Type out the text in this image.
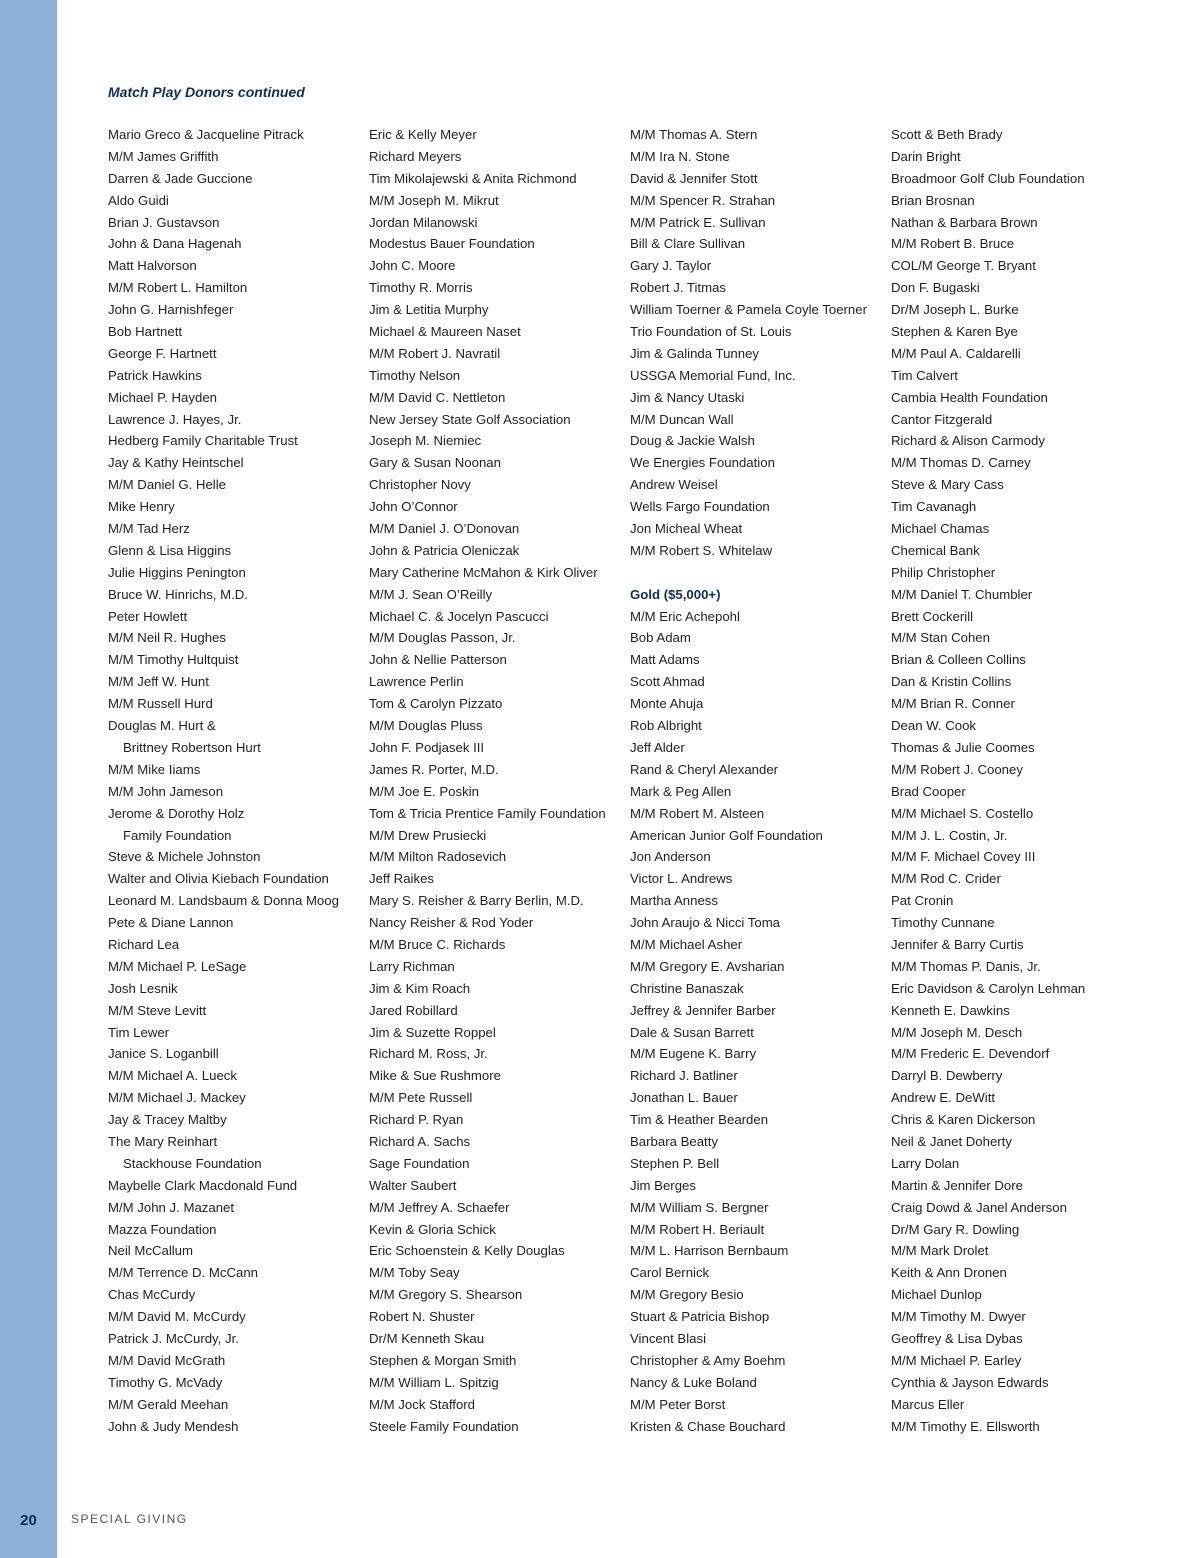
20	SPECIAL GIVING
Match Play Donors continued
Mario Greco & Jacqueline Pitrack
M/M James Griffith
Darren & Jade Guccione
Aldo Guidi
Brian J. Gustavson
John & Dana Hagenah
Matt Halvorson
M/M Robert L. Hamilton
John G. Harnishfeger
Bob Hartnett
George F. Hartnett
Patrick Hawkins
Michael P. Hayden
Lawrence J. Hayes, Jr.
Hedberg Family Charitable Trust
Jay & Kathy Heintschel
M/M Daniel G. Helle
Mike Henry
M/M Tad Herz
Glenn & Lisa Higgins
Julie Higgins Penington
Bruce W. Hinrichs, M.D.
Peter Howlett
M/M Neil R. Hughes
M/M Timothy Hultquist
M/M Jeff W. Hunt
M/M Russell Hurd
Douglas M. Hurt &
Brittney Robertson Hurt
M/M Mike Iiams
M/M John Jameson
Jerome & Dorothy Holz
Family Foundation
Steve & Michele Johnston
Walter and Olivia Kiebach Foundation
Leonard M. Landsbaum & Donna Moog
Pete & Diane Lannon
Richard Lea
M/M Michael P. LeSage
Josh Lesnik
M/M Steve Levitt
Tim Lewer
Janice S. Loganbill
M/M Michael A. Lueck
M/M Michael J. Mackey
Jay & Tracey Maltby
The Mary Reinhart
Stackhouse Foundation
Maybelle Clark Macdonald Fund
M/M John J. Mazanet
Mazza Foundation
Neil McCallum
M/M Terrence D. McCann
Chas McCurdy
M/M David M. McCurdy
Patrick J. McCurdy, Jr.
M/M David McGrath
Timothy G. McVady
M/M Gerald Meehan
John & Judy Mendesh
Eric & Kelly Meyer
Richard Meyers
Tim Mikolajewski & Anita Richmond
M/M Joseph M. Mikrut
Jordan Milanowski
Modestus Bauer Foundation
John C. Moore
Timothy R. Morris
Jim & Letitia Murphy
Michael & Maureen Naset
M/M Robert J. Navratil
Timothy Nelson
M/M David C. Nettleton
New Jersey State Golf Association
Joseph M. Niemiec
Gary & Susan Noonan
Christopher Novy
John O’Connor
M/M Daniel J. O’Donovan
John & Patricia Oleniczak
Mary Catherine McMahon & Kirk Oliver
M/M J. Sean O’Reilly
Michael C. & Jocelyn Pascucci
M/M Douglas Passon, Jr.
John & Nellie Patterson
Lawrence Perlin
Tom & Carolyn Pizzato
M/M Douglas Pluss
John F. Podjasek III
James R. Porter, M.D.
M/M Joe E. Poskin
Tom & Tricia Prentice Family Foundation
M/M Drew Prusiecki
M/M Milton Radosevich
Jeff Raikes
Mary S. Reisher & Barry Berlin, M.D.
Nancy Reisher & Rod Yoder
M/M Bruce C. Richards
Larry Richman
Jim & Kim Roach
Jared Robillard
Jim & Suzette Roppel
Richard M. Ross, Jr.
Mike & Sue Rushmore
M/M Pete Russell
Richard P. Ryan
Richard A. Sachs
Sage Foundation
Walter Saubert
M/M Jeffrey A. Schaefer
Kevin & Gloria Schick
Eric Schoenstein & Kelly Douglas
M/M Toby Seay
M/M Gregory S. Shearson
Robert N. Shuster
Dr/M Kenneth Skau
Stephen & Morgan Smith
M/M William L. Spitzig
M/M Jock Stafford
Steele Family Foundation
M/M Thomas A. Stern
M/M Ira N. Stone
David & Jennifer Stott
M/M Spencer R. Strahan
M/M Patrick E. Sullivan
Bill & Clare Sullivan
Gary J. Taylor
Robert J. Titmas
William Toerner & Pamela Coyle Toerner
Trio Foundation of St. Louis
Jim & Galinda Tunney
USSGA Memorial Fund, Inc.
Jim & Nancy Utaski
M/M Duncan Wall
Doug & Jackie Walsh
We Energies Foundation
Andrew Weisel
Wells Fargo Foundation
Jon Micheal Wheat
M/M Robert S. Whitelaw
Gold ($5,000+)
M/M Eric Achepohl
Bob Adam
Matt Adams
Scott Ahmad
Monte Ahuja
Rob Albright
Jeff Alder
Rand & Cheryl Alexander
Mark & Peg Allen
M/M Robert M. Alsteen
American Junior Golf Foundation
Jon Anderson
Victor L. Andrews
Martha Anness
John Araujo & Nicci Toma
M/M Michael Asher
M/M Gregory E. Avsharian
Christine Banaszak
Jeffrey & Jennifer Barber
Dale & Susan Barrett
M/M Eugene K. Barry
Richard J. Batliner
Jonathan L. Bauer
Tim & Heather Bearden
Barbara Beatty
Stephen P. Bell
Jim Berges
M/M William S. Bergner
M/M Robert H. Beriault
M/M L. Harrison Bernbaum
Carol Bernick
M/M Gregory Besio
Stuart & Patricia Bishop
Vincent Blasi
Christopher & Amy Boehm
Nancy & Luke Boland
M/M Peter Borst
Kristen & Chase Bouchard
Scott & Beth Brady
Darin Bright
Broadmoor Golf Club Foundation
Brian Brosnan
Nathan & Barbara Brown
M/M Robert B. Bruce
COL/M George T. Bryant
Don F. Bugaski
Dr/M Joseph L. Burke
Stephen & Karen Bye
M/M Paul A. Caldarelli
Tim Calvert
Cambia Health Foundation
Cantor Fitzgerald
Richard & Alison Carmody
M/M Thomas D. Carney
Steve & Mary Cass
Tim Cavanagh
Michael Chamas
Chemical Bank
Philip Christopher
M/M Daniel T. Chumbler
Brett Cockerill
M/M Stan Cohen
Brian & Colleen Collins
Dan & Kristin Collins
M/M Brian R. Conner
Dean W. Cook
Thomas & Julie Coomes
M/M Robert J. Cooney
Brad Cooper
M/M Michael S. Costello
M/M J. L. Costin, Jr.
M/M F. Michael Covey III
M/M Rod C. Crider
Pat Cronin
Timothy Cunnane
Jennifer & Barry Curtis
M/M Thomas P. Danis, Jr.
Eric Davidson & Carolyn Lehman
Kenneth E. Dawkins
M/M Joseph M. Desch
M/M Frederic E. Devendorf
Darryl B. Dewberry
Andrew E. DeWitt
Chris & Karen Dickerson
Neil & Janet Doherty
Larry Dolan
Martin & Jennifer Dore
Craig Dowd & Janel Anderson
Dr/M Gary R. Dowling
M/M Mark Drolet
Keith & Ann Dronen
Michael Dunlop
M/M Timothy M. Dwyer
Geoffrey & Lisa Dybas
M/M Michael P. Earley
Cynthia & Jayson Edwards
Marcus Eller
M/M Timothy E. Ellsworth
